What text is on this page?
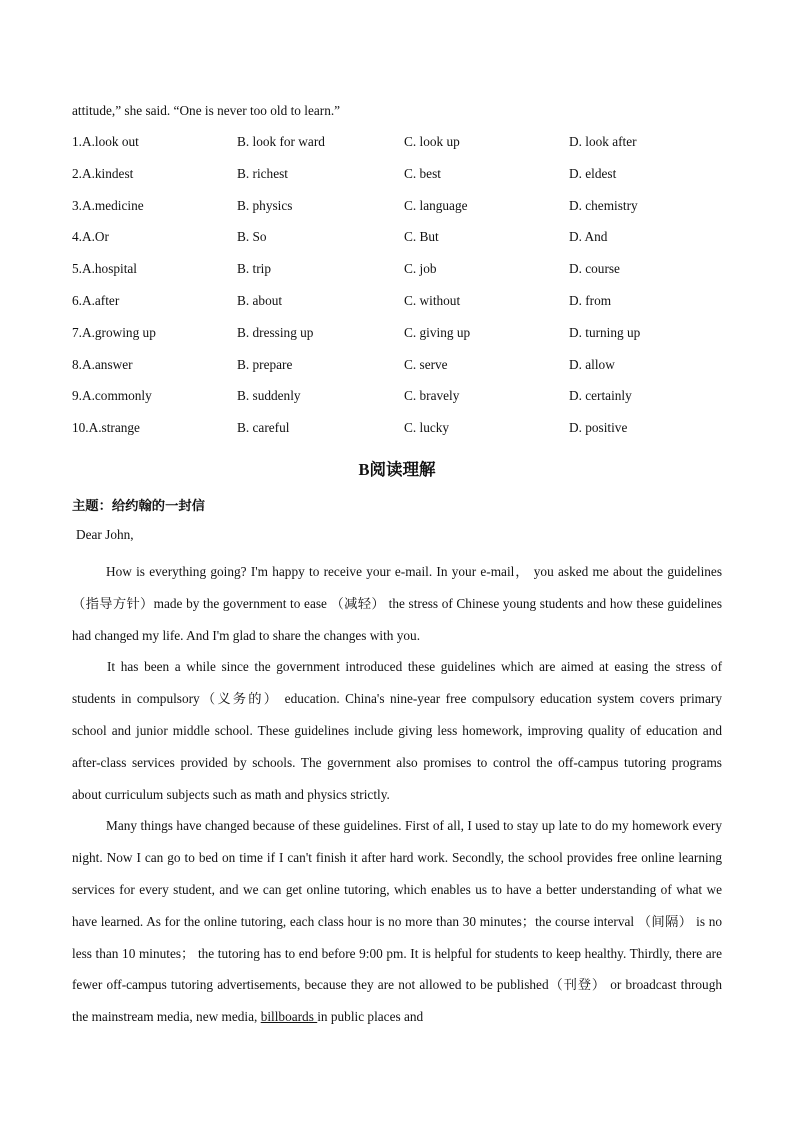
attitude,” she said. “One is never too old to learn.”
1.A.look out	B. look for ward	C. look up	D. look after
2.A.kindest	B. richest	C. best	D. eldest
3.A.medicine	B. physics	C. language	D. chemistry
4.A.Or	B. So	C. But	D. And
5.A.hospital	B. trip	C. job	D. course
6.A.after	B. about	C. without	D. from
7.A.growing up	B. dressing up	C. giving up	D. turning up
8.A.answer	B. prepare	C. serve	D. allow
9.A.commonly	B. suddenly	C. bravely	D. certainly
10.A.strange	B. careful	C. lucky	D. positive
B阅读理解
主题：给约翰的一封信
Dear John,

How is everything going? I'm happy to receive your e-mail. In your e-mail， you asked me about the guidelines （指导方针）made by the government to ease （减轻） the stress of Chinese young students and how these guidelines had changed my life. And I'm glad to share the changes with you.

It has been a while since the government introduced these guidelines which are aimed at easing the stress of students in compulsory（义务的） education. China's nine-year free compulsory education system covers primary school and junior middle school. These guidelines include giving less homework, improving quality of education and after-class services provided by schools. The government also promises to control the off-campus tutoring programs about curriculum subjects such as math and physics strictly.

Many things have changed because of these guidelines. First of all, I used to stay up late to do my homework every night. Now I can go to bed on time if I can't finish it after hard work. Secondly, the school provides free online learning services for every student, and we can get online tutoring, which enables us to have a better understanding of what we have learned. As for the online tutoring, each class hour is no more than 30 minutes；the course interval （间隔） is no less than 10 minutes； the tutoring has to end before 9:00 pm. It is helpful for students to keep healthy. Thirdly, there are fewer off-campus tutoring advertisements, because they are not allowed to be published（刊登） or broadcast through the mainstream media, new media, billboards in public places and
